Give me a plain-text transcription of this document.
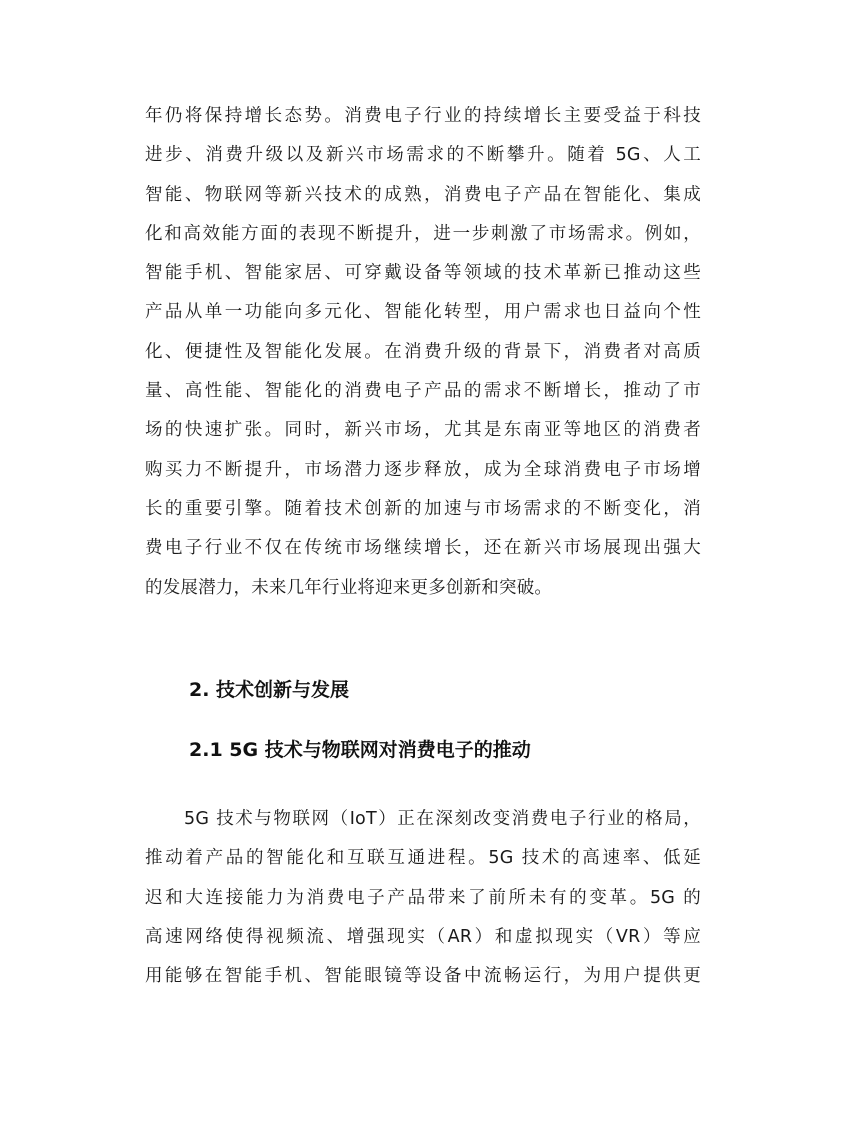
年仍将保持增长态势。消费电子行业的持续增长主要受益于科技
进步、消费升级以及新兴市场需求的不断攀升。随着 5G、人工
智能、物联网等新兴技术的成熟，消费电子产品在智能化、集成
化和高效能方面的表现不断提升，进一步刺激了市场需求。例如，
智能手机、智能家居、可穿戴设备等领域的技术革新已推动这些
产品从单一功能向多元化、智能化转型，用户需求也日益向个性
化、便捷性及智能化发展。在消费升级的背景下，消费者对高质
量、高性能、智能化的消费电子产品的需求不断增长，推动了市
场的快速扩张。同时，新兴市场，尤其是东南亚等地区的消费者
购买力不断提升，市场潜力逐步释放，成为全球消费电子市场增
长的重要引擎。随着技术创新的加速与市场需求的不断变化，消
费电子行业不仅在传统市场继续增长，还在新兴市场展现出强大
的发展潜力，未来几年行业将迎来更多创新和突破。
2. 技术创新与发展
2.1 5G 技术与物联网对消费电子的推动
5G 技术与物联网（IoT）正在深刻改变消费电子行业的格局，
推动着产品的智能化和互联互通进程。5G 技术的高速率、低延
迟和大连接能力为消费电子产品带来了前所未有的变革。5G 的
高速网络使得视频流、增强现实（AR）和虚拟现实（VR）等应
用能够在智能手机、智能眼镜等设备中流畅运行，为用户提供更
